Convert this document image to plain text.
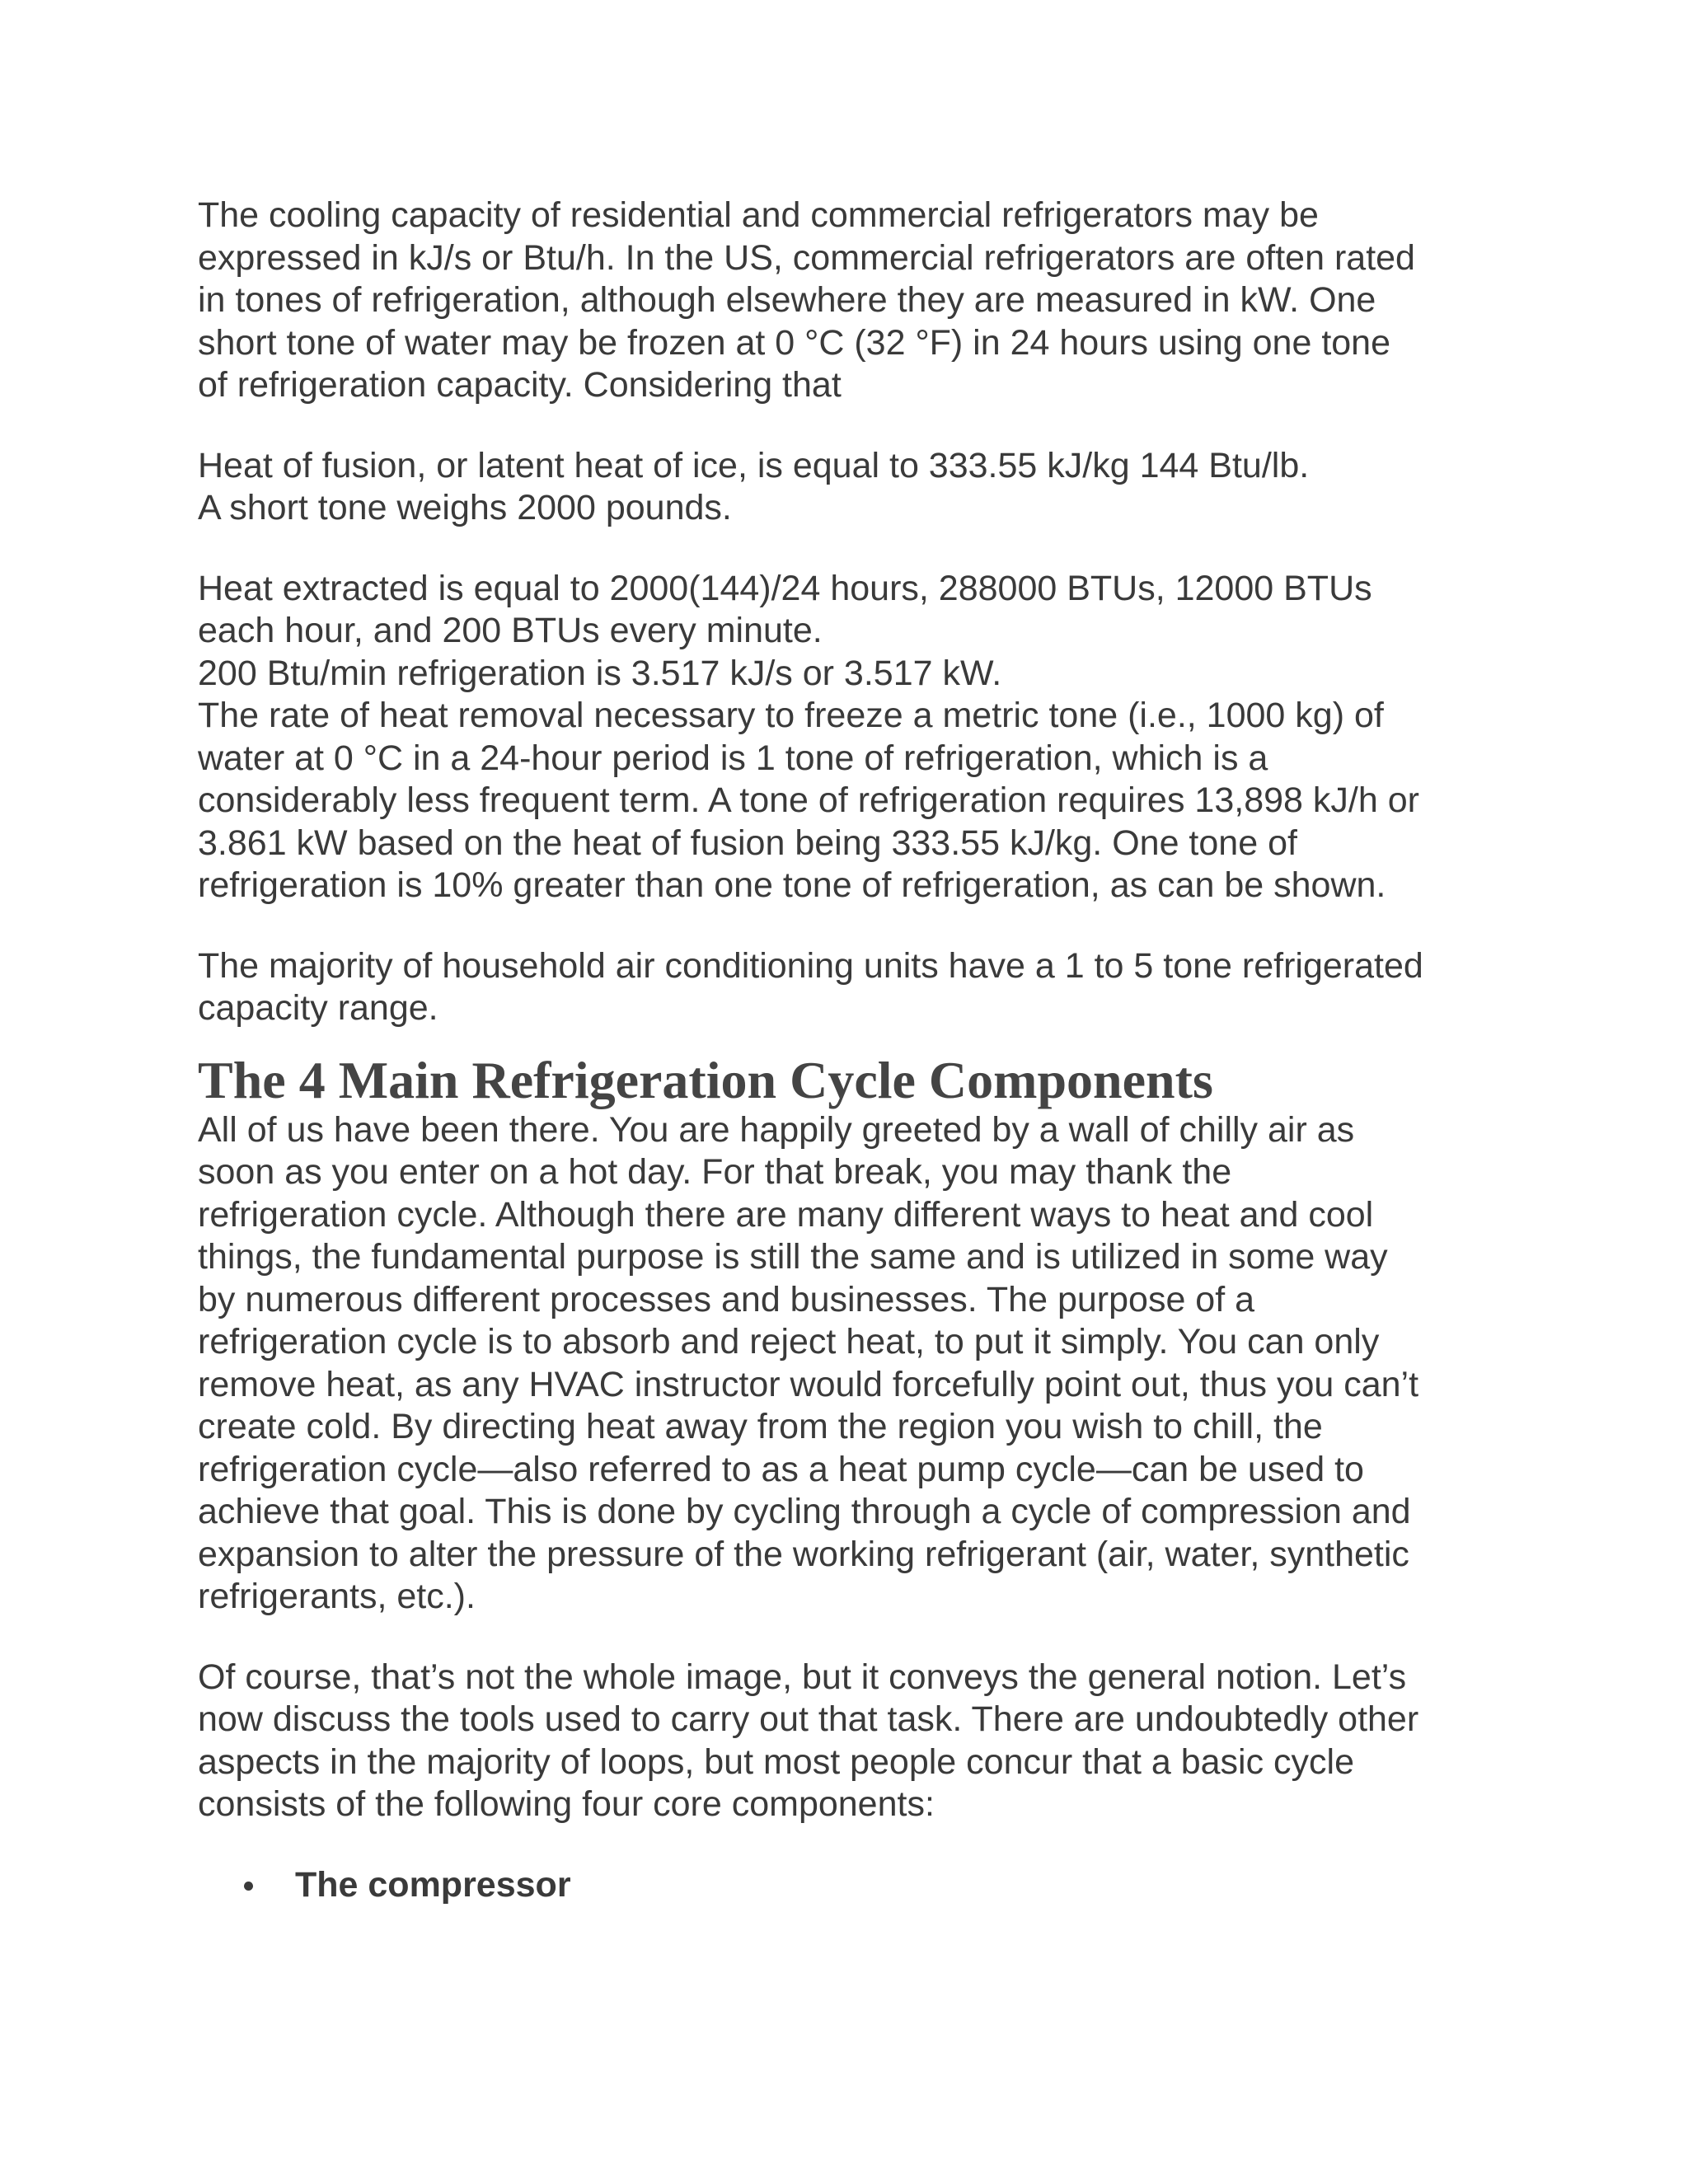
The cooling capacity of residential and commercial refrigerators may be
expressed in kJ/s or Btu/h. In the US, commercial refrigerators are often rated
in tones of refrigeration, although elsewhere they are measured in kW. One
short tone of water may be frozen at 0 °C (32 °F) in 24 hours using one tone
of refrigeration capacity. Considering that

Heat of fusion, or latent heat of ice, is equal to 333.55 kJ/kg 144 Btu/lb.
A short tone weighs 2000 pounds.

Heat extracted is equal to 2000(144)/24 hours, 288000 BTUs, 12000 BTUs
each hour, and 200 BTUs every minute.
200 Btu/min refrigeration is 3.517 kJ/s or 3.517 kW.
The rate of heat removal necessary to freeze a metric tone (i.e., 1000 kg) of
water at 0 °C in a 24-hour period is 1 tone of refrigeration, which is a
considerably less frequent term. A tone of refrigeration requires 13,898 kJ/h or
3.861 kW based on the heat of fusion being 333.55 kJ/kg. One tone of
refrigeration is 10% greater than one tone of refrigeration, as can be shown.

The majority of household air conditioning units have a 1 to 5 tone refrigerated
capacity range.

The 4 Main Refrigeration Cycle Components

All of us have been there. You are happily greeted by a wall of chilly air as
soon as you enter on a hot day. For that break, you may thank the
refrigeration cycle. Although there are many different ways to heat and cool
things, the fundamental purpose is still the same and is utilized in some way
by numerous different processes and businesses. The purpose of a
refrigeration cycle is to absorb and reject heat, to put it simply. You can only
remove heat, as any HVAC instructor would forcefully point out, thus you can’t
create cold. By directing heat away from the region you wish to chill, the
refrigeration cycle—also referred to as a heat pump cycle—can be used to
achieve that goal. This is done by cycling through a cycle of compression and
expansion to alter the pressure of the working refrigerant (air, water, synthetic
refrigerants, etc.).

Of course, that’s not the whole image, but it conveys the general notion. Let’s
now discuss the tools used to carry out that task. There are undoubtedly other
aspects in the majority of loops, but most people concur that a basic cycle
consists of the following four core components:

The compressor
